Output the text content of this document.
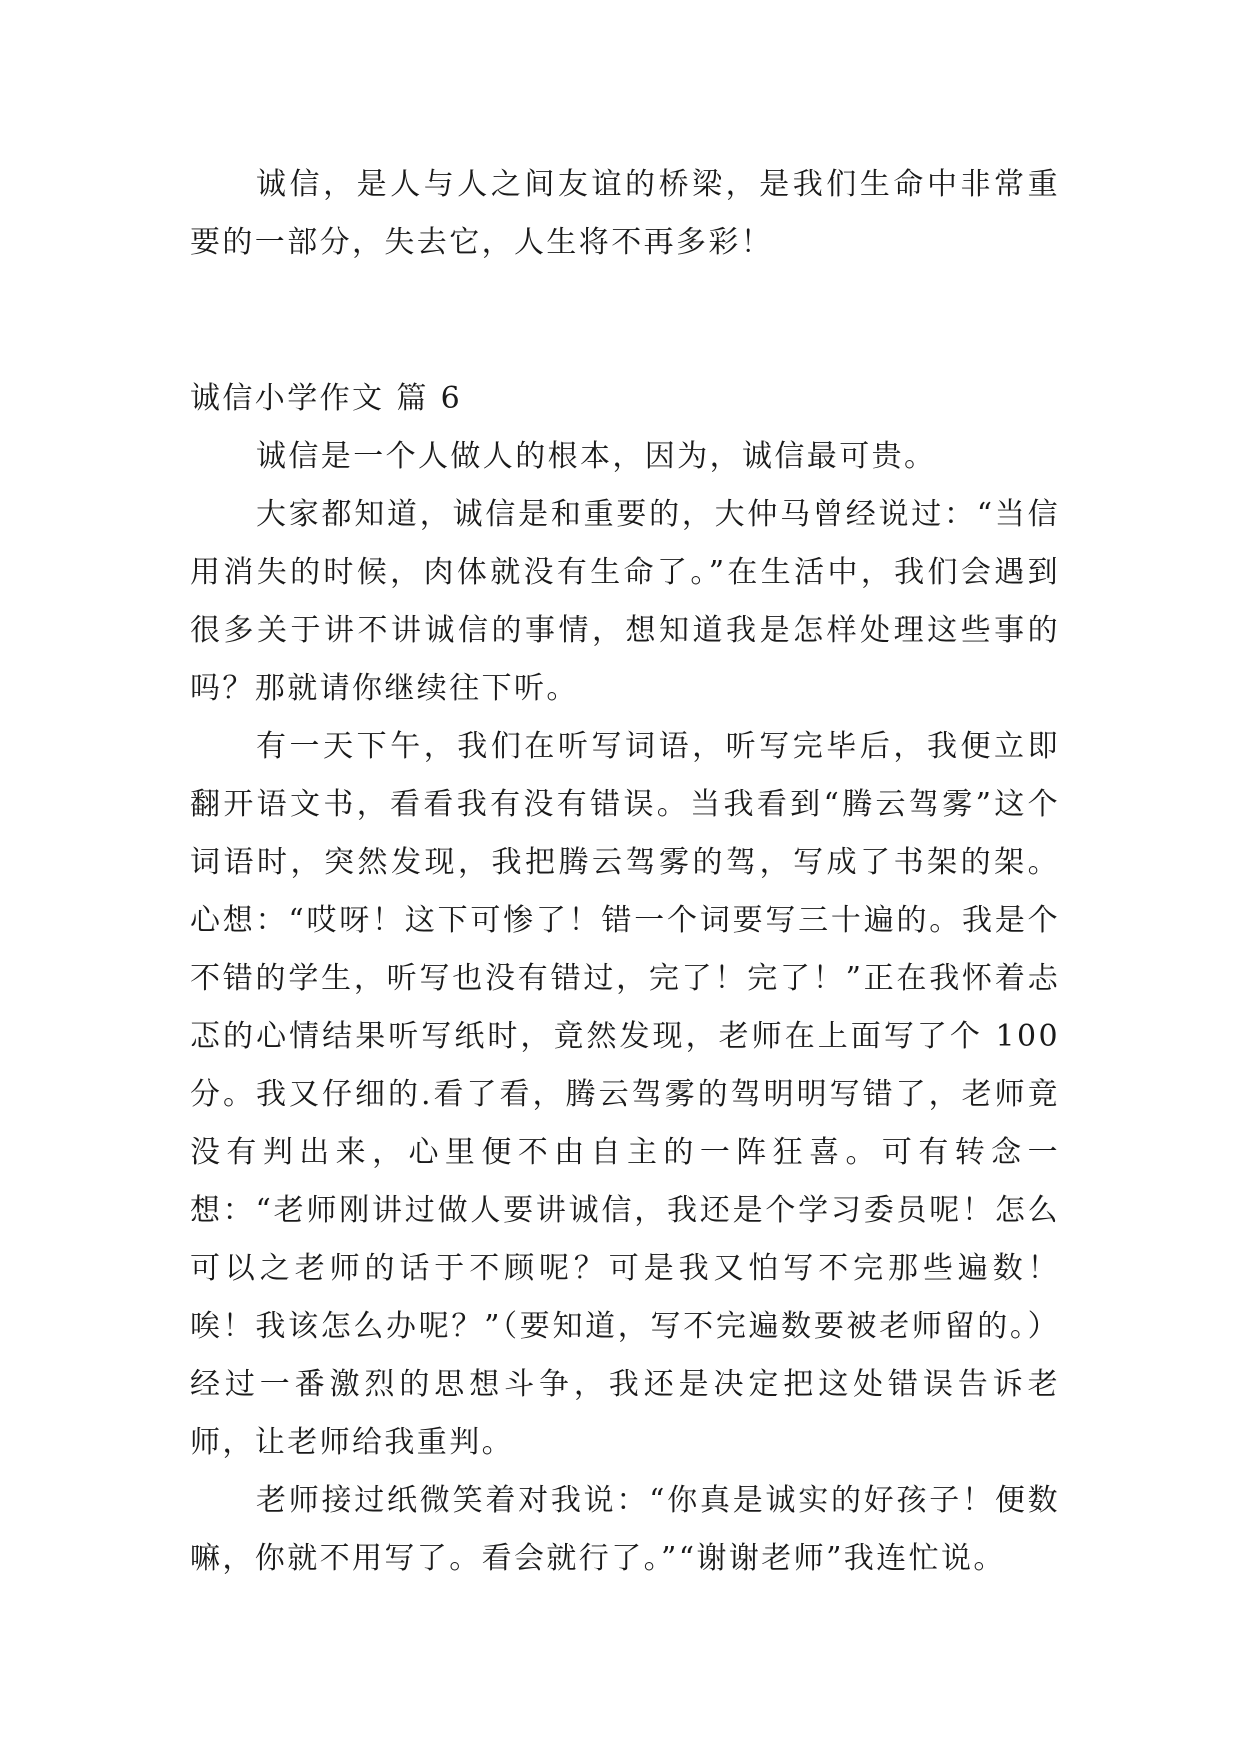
诚信，是人与人之间友谊的桥梁，是我们生命中非常重要的一部分，失去它，人生将不再多彩！

诚信小学作文 篇 6

诚信是一个人做人的根本，因为，诚信最可贵。

大家都知道，诚信是和重要的，大仲马曾经说过：“当信用消失的时候，肉体就没有生命了。”在生活中，我们会遇到很多关于讲不讲诚信的事情，想知道我是怎样处理这些事的吗？那就请你继续往下听。

有一天下午，我们在听写词语，听写完毕后，我便立即翻开语文书，看看我有没有错误。当我看到“腾云驾雾”这个词语时，突然发现，我把腾云驾雾的驾，写成了书架的架。心想：“哎呀！这下可惨了！错一个词要写三十遍的。我是个不错的学生，听写也没有错过，完了！完了！”正在我怀着忐忑的心情结果听写纸时，竟然发现，老师在上面写了个 100 分。我又仔细的.看了看，腾云驾雾的驾明明写错了，老师竟没有判出来，心里便不由自主的一阵狂喜。可有转念一想：“老师刚讲过做人要讲诚信，我还是个学习委员呢！怎么可以之老师的话于不顾呢？可是我又怕写不完那些遍数！唉！我该怎么办呢？”（要知道，写不完遍数要被老师留的。）经过一番激烈的思想斗争，我还是决定把这处错误告诉老师，让老师给我重判。

老师接过纸微笑着对我说：“你真是诚实的好孩子！便数嘛，你就不用写了。看会就行了。”“谢谢老师”我连忙说。
